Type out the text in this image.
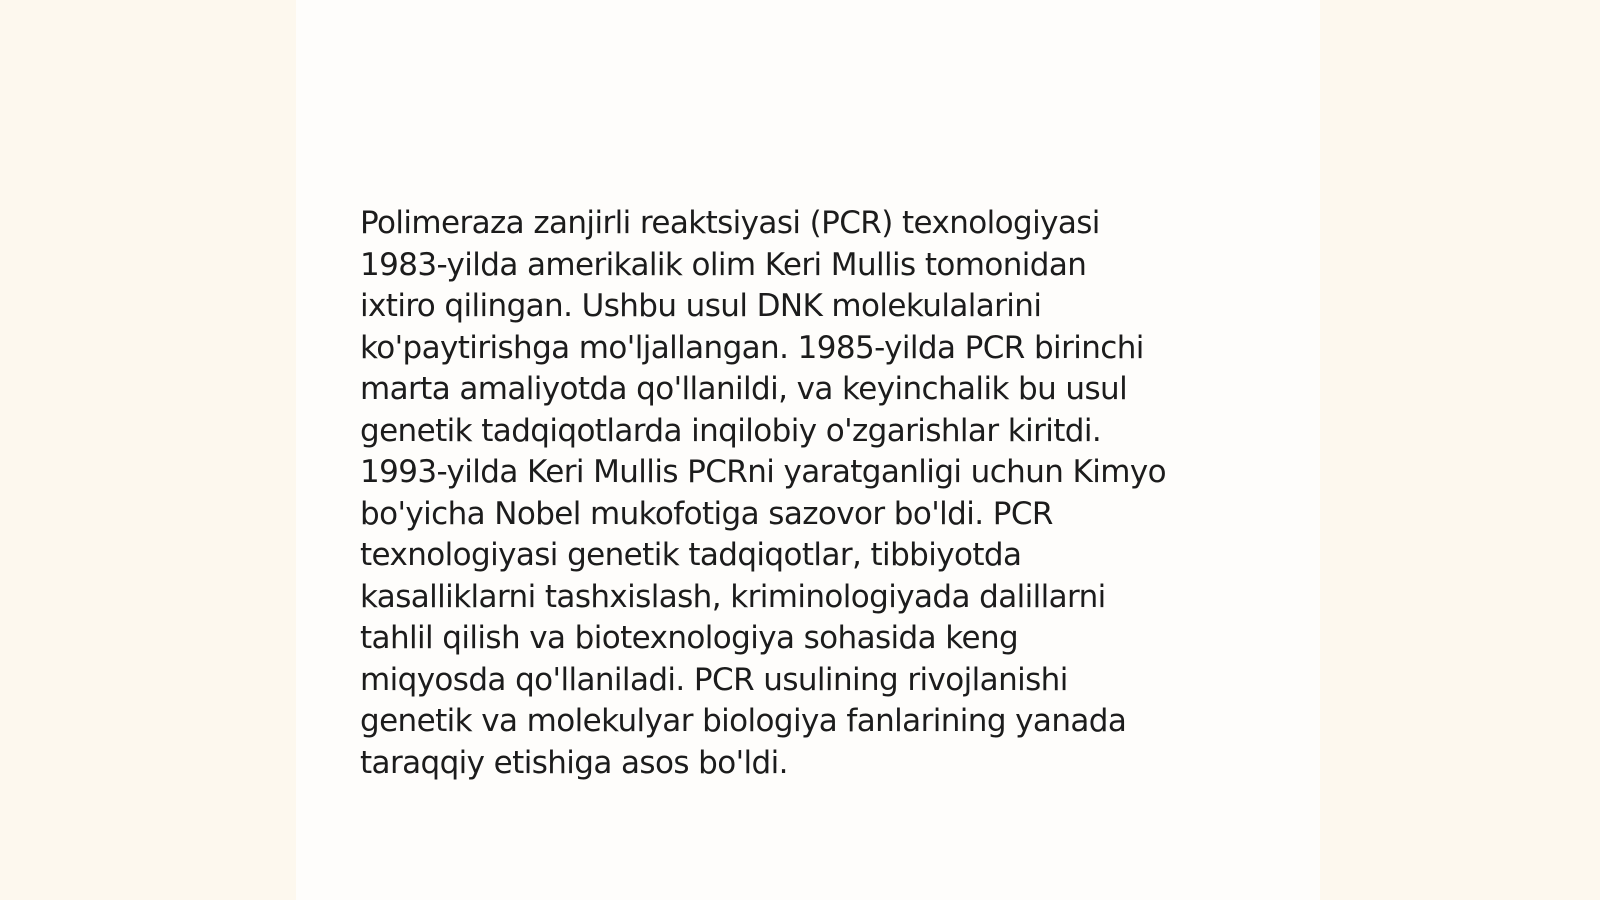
Polimeraza zanjirli reaktsiyasi (PCR) texnologiyasi
1983-yilda amerikalik olim Keri Mullis tomonidan
ixtiro qilingan. Ushbu usul DNK molekulalarini
ko'paytirishga mo'ljallangan. 1985-yilda PCR birinchi
marta amaliyotda qo'llanildi, va keyinchalik bu usul
genetik tadqiqotlarda inqilobiy o'zgarishlar kiritdi.
1993-yilda Keri Mullis PCRni yaratganligi uchun Kimyo
bo'yicha Nobel mukofotiga sazovor bo'ldi. PCR
texnologiyasi genetik tadqiqotlar, tibbiyotda
kasalliklarni tashxislash, kriminologiyada dalillarni
tahlil qilish va biotexnologiya sohasida keng
miqyosda qo'llaniladi. PCR usulining rivojlanishi
genetik va molekulyar biologiya fanlarining yanada
taraqqiy etishiga asos bo'ldi.
